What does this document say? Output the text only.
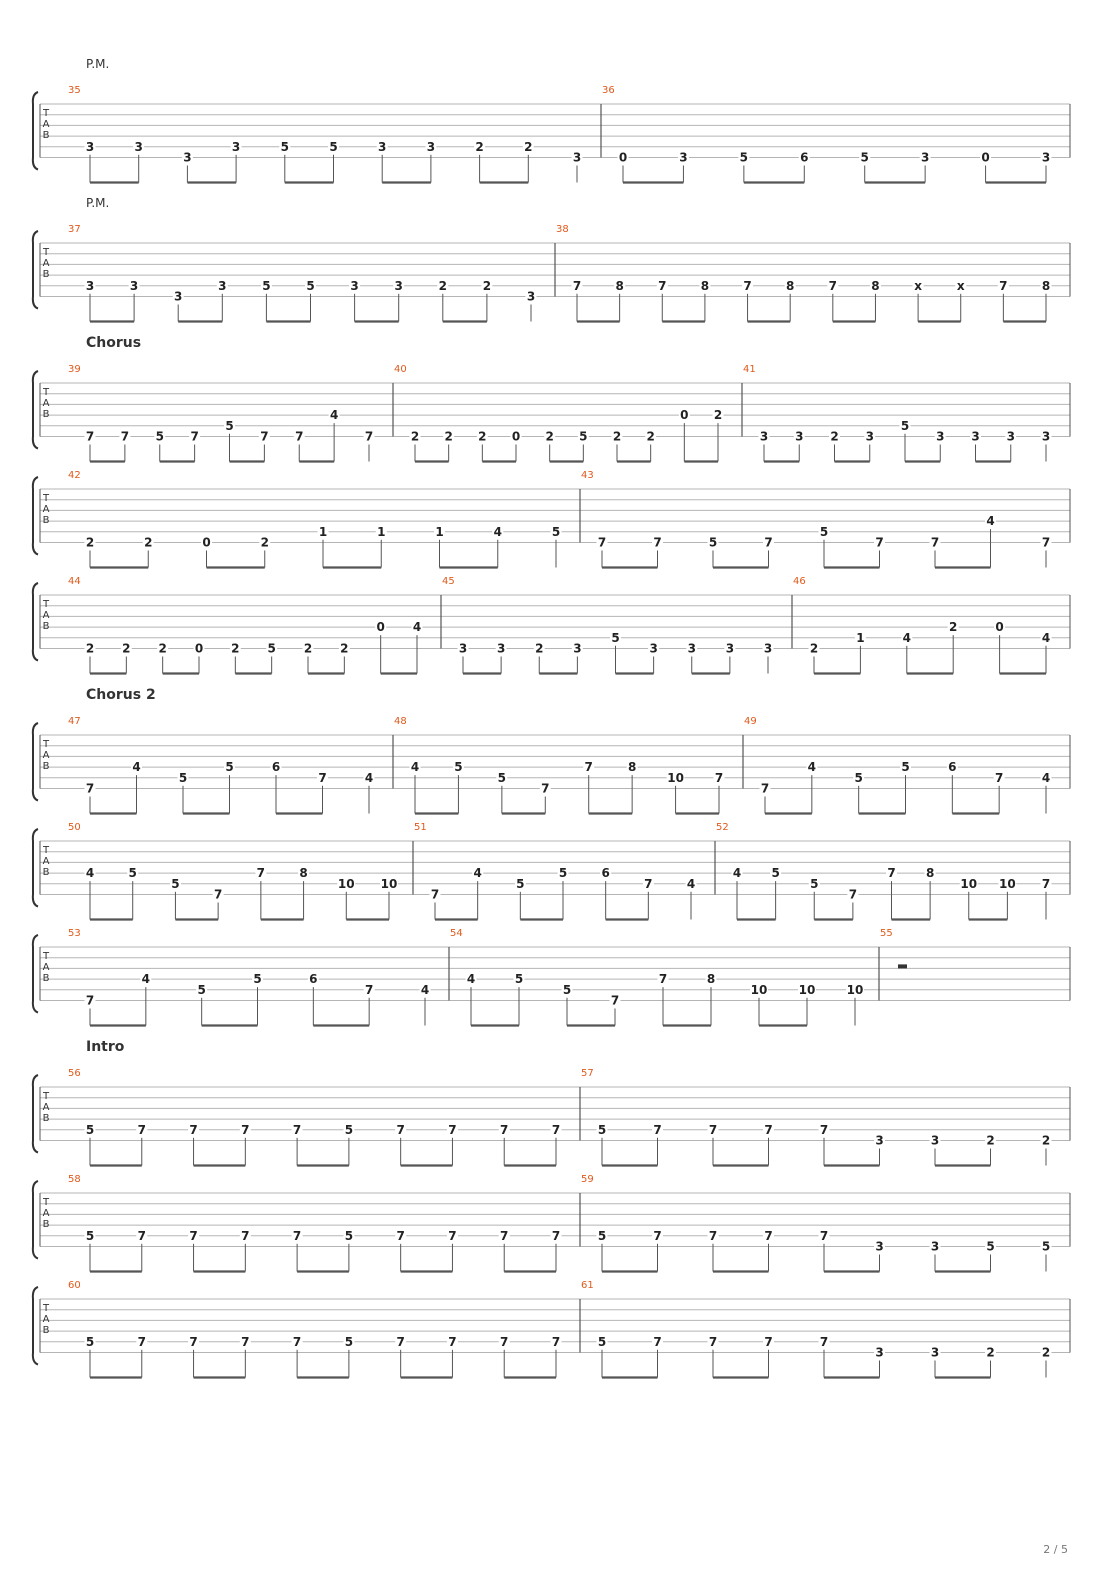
P.M.
T
A
B
35
3	3
3
3	5	5	3	3	2	2
3
36
0	3	5	6	5	3	0	3
P.M.
T
A
B
37
3	3
3
3	5	5	3	3	2	2
3
38
7	8	7	8	7	8	7	8	x	x	7	8
Chorus
T
A
B
39
7 7 5 7
5
7 7
4
7
40
2 2 2 0 2 5 2 2
0 2
41
3 3 2 3
5
3 3 3 3
T
A
B
42
2	2	0	2
1	1	1	4	5
43
7	7	5	7
5
7	7
4
7
T
A
B
44
2 2 2 0 2 5 2 2
0 4
45
3 3 2 3
5
3 3 3 3
46
2
1	4
2	0
4
Chorus 2
T
A
B
47
7
4
5
5	6
7	4
48
4	5
5
7
7	8
10	7
49
7
4
5
5	6
7	4
T
A
B
50
4	5
5
7
7	8
10 10
51
7
4
5
5	6
7	4
52
4	5
5
7
7	8
10 10 7
T
A
B
53
7
4
5
5	6
7	4
54
4	5
5
7
7	8
10	10	10
55
Intro
T
A
B
56
5	7	7	7	7	5	7	7	7	7
57
5	7	7	7	7
3	3	2	2
T
A
B
58
5	7	7	7	7	5	7	7	7	7
59
5	7	7	7	7
3	3	5	5
T
A
B
60
5	7	7	7	7	5	7	7	7	7
61
5	7	7	7	7
3	3	2	2
2 / 5
